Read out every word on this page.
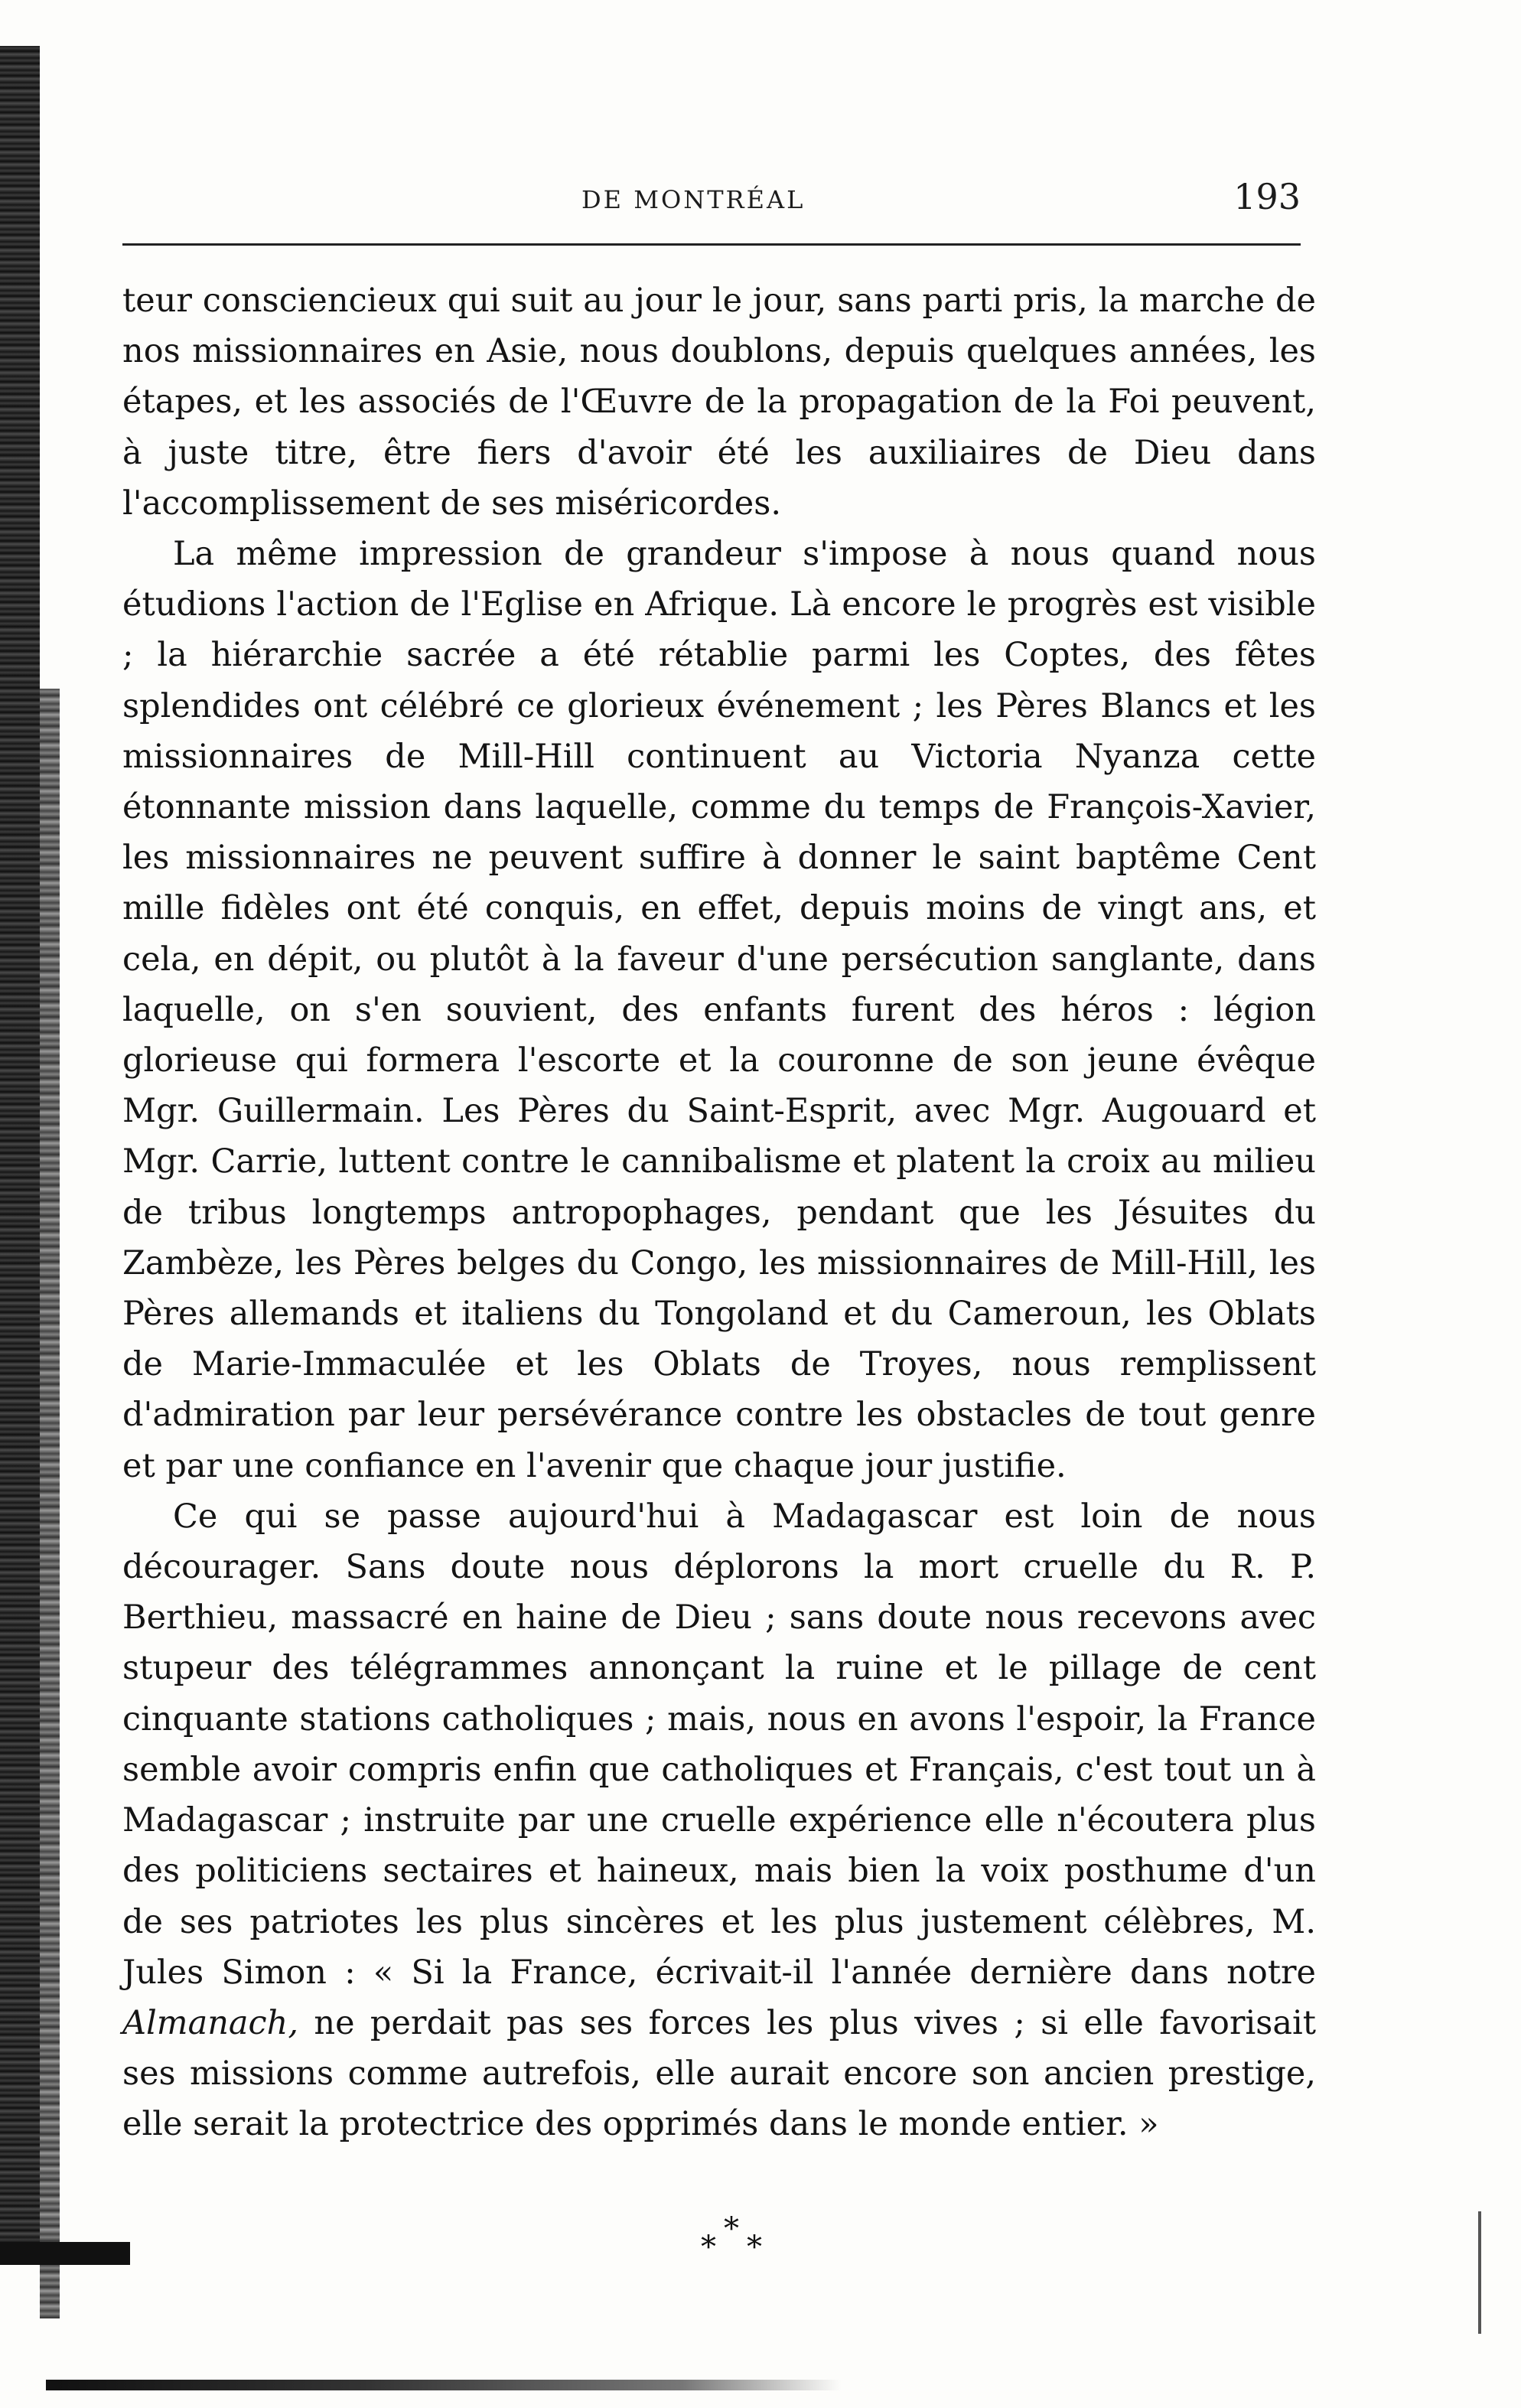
DE MONTRÉAL	193

teur consciencieux qui suit au jour le jour, sans parti pris, la marche de nos missionnaires en Asie, nous doublons, depuis quelques années, les étapes, et les associés de l'Œuvre de la propagation de la Foi peuvent, à juste titre, être fiers d'avoir été les auxiliaires de Dieu dans l'accomplissement de ses miséricordes.

La même impression de grandeur s'impose à nous quand nous étudions l'action de l'Eglise en Afrique. Là encore le progrès est visible ; la hiérarchie sacrée a été rétablie parmi les Coptes, des fêtes splendides ont célébré ce glorieux événement ; les Pères Blancs et les missionnaires de Mill-Hill continuent au Victoria Nyanza cette étonnante mission dans laquelle, comme du temps de François-Xavier, les missionnaires ne peuvent suffire à donner le saint baptême Cent mille fidèles ont été conquis, en effet, depuis moins de vingt ans, et cela, en dépit, ou plutôt à la faveur d'une persécution sanglante, dans laquelle, on s'en souvient, des enfants furent des héros : légion glorieuse qui formera l'escorte et la couronne de son jeune évêque Mgr. Guillermain. Les Pères du Saint-Esprit, avec Mgr. Augouard et Mgr. Carrie, luttent contre le cannibalisme et platent la croix au milieu de tribus longtemps antropophages, pendant que les Jésuites du Zambèze, les Pères belges du Congo, les missionnaires de Mill-Hill, les Pères allemands et italiens du Tongoland et du Cameroun, les Oblats de Marie-Immaculée et les Oblats de Troyes, nous remplissent d'admiration par leur persévérance contre les obstacles de tout genre et par une confiance en l'avenir que chaque jour justifie.

Ce qui se passe aujourd'hui à Madagascar est loin de nous décourager. Sans doute nous déplorons la mort cruelle du R. P. Berthieu, massacré en haine de Dieu ; sans doute nous recevons avec stupeur des télégrammes annonçant la ruine et le pillage de cent cinquante stations catholiques ; mais, nous en avons l'espoir, la France semble avoir compris enfin que catholiques et Français, c'est tout un à Madagascar ; instruite par une cruelle expérience elle n'écoutera plus des politiciens sectaires et haineux, mais bien la voix posthume d'un de ses patriotes les plus sincères et les plus justement célèbres, M. Jules Simon : « Si la France, écrivait-il l'année dernière dans notre Almanach, ne perdait pas ses forces les plus vives ; si elle favorisait ses missions comme autrefois, elle aurait encore son ancien prestige, elle serait la protectrice des opprimés dans le monde entier. »

*
* *
